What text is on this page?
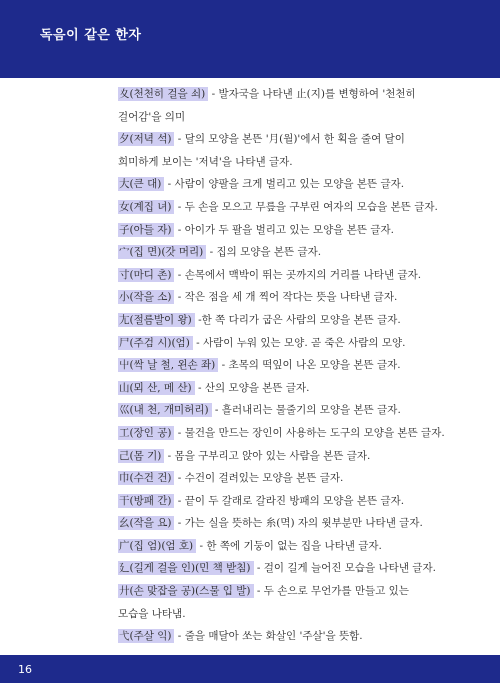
독음이 같은 한자
夊(천천히 걸을 쇠) - 발자국을 나타낸 止(지)를 변형하여 '천천히
걸어감'을 의미
夕(저녁 석) - 달의 모양을 본뜬 '月(월)'에서 한 획을 줄여 달이
희미하게 보이는 '저녁'을 나타낸 글자.
大(큰 대) - 사람이 양팔을 크게 벌리고 있는 모양을 본뜬 글자.
女(계집 녀) - 두 손을 모으고 무릎을 구부린 여자의 모습을 본뜬 글자.
子(아들 자) - 아이가 두 팔을 벌리고 있는 모양을 본뜬 글자.
宀(집 면)(갓 머리) - 집의 모양을 본뜬 글자.
寸(마디 촌) - 손목에서 맥박이 뛰는 곳까지의 거리를 나타낸 글자.
小(작을 소) - 작은 점을 세 개 찍어 작다는 뜻을 나타낸 글자.
尢(절름발이 왕) -한 쪽 다리가 굽은 사람의 모양을 본뜬 글자.
尸(주검 시)(엄) - 사람이 누워 있는 모양. 곧 죽은 사람의 모양.
屮(싹 날 철, 왼손 좌) - 초목의 떡잎이 나온 모양을 본뜬 글자.
山(뫼 산, 메 산) - 산의 모양을 본뜬 글자.
巛(내 천, 개미허리) - 흘러내리는 물줄기의 모양을 본뜬 글자.
工(장인 공) - 물건을 만드는 장인이 사용하는 도구의 모양을 본뜬 글자.
己(몸 기) - 몸을 구부리고 앉아 있는 사람을 본뜬 글자.
巾(수건 건) - 수건이 걸려있는 모양을 본뜬 글자.
干(방패 간) - 끝이 두 갈래로 갈라진 방패의 모양을 본뜬 글자.
幺(작을 요) - 가는 실을 뜻하는 糸(멱) 자의 윗부분만 나타낸 글자.
广(집 엄)(엄 호) - 한 쪽에 기둥이 없는 집을 나타낸 글자.
廴(길게 걸을 인)(민 책 받침) - 걸이 길게 늘어진 모습을 나타낸 글자.
廾(손 맞잡을 공)(스물 입 발) - 두 손으로 무언가를 만들고 있는
모습을 나타냄.
弋(주살 익) - 줄을 매달아 쏘는 화살인 '주살'을 뜻함.
16
